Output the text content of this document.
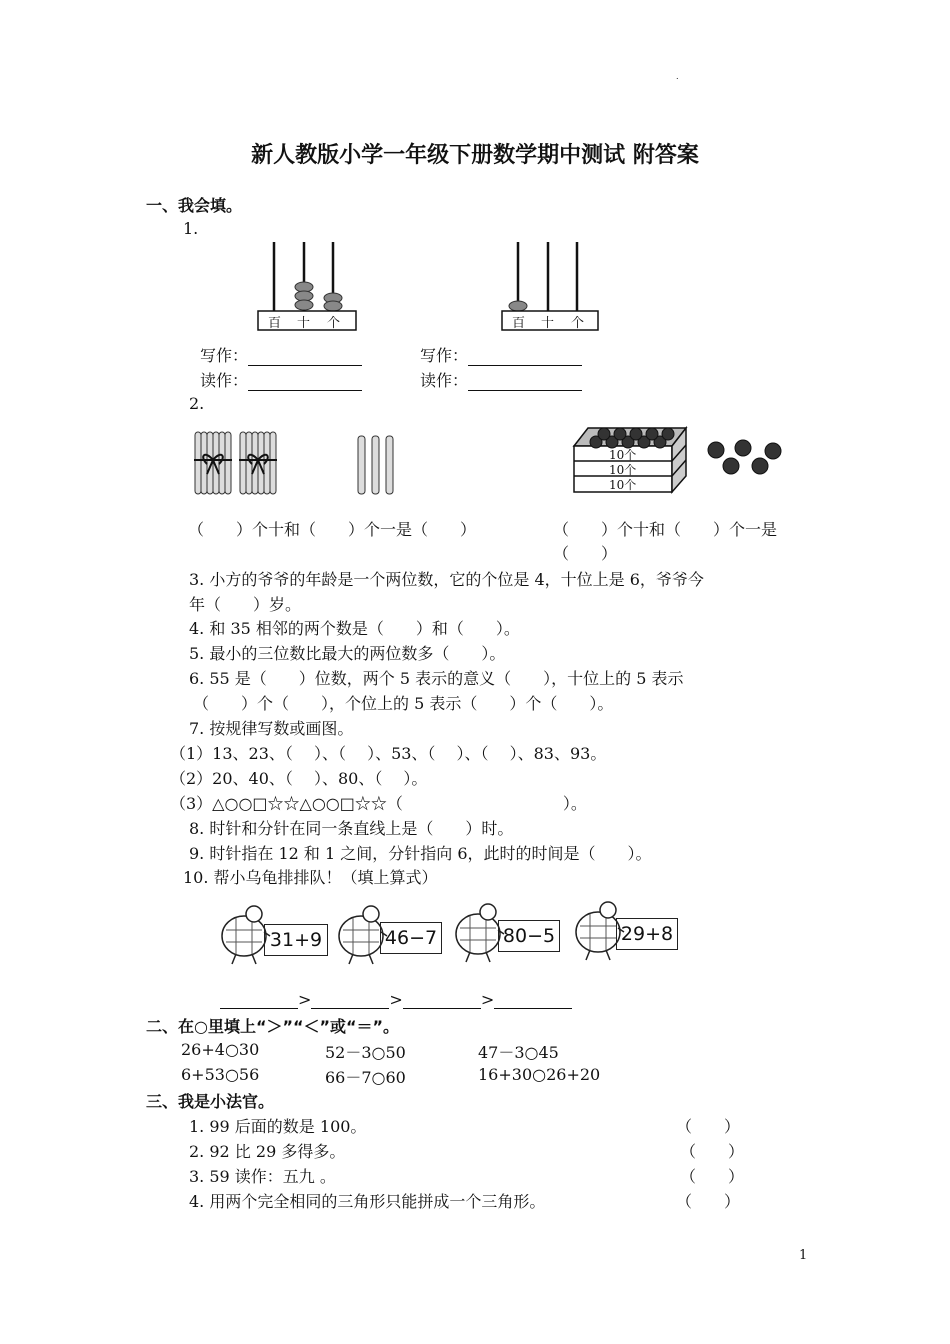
.
新人教版小学一年级下册数学期中测试 附答案
一、我会填。
1.
百 十 个	百 十 个
写作：	写作：
读作：	读作：
2.
10个
10个
10个
（　　）个十和（　　）个一是（　　）	（　　）个十和（　　）个一是
（　　）
3. 小方的爷爷的年龄是一个两位数，它的个位是 4，十位上是 6，爷爷今
年（　　）岁。
4. 和 35 相邻的两个数是（　　）和（　　）。
5. 最小的三位数比最大的两位数多（　　）。
6. 55 是（　　）位数，两个 5 表示的意义（　　），十位上的 5 表示
（　　）个（　　），个位上的 5 表示（　　）个（　　）。
7. 按规律写数或画图。
（1）13、23、（　 ）、（　 ）、53、（　 ）、（　 ）、83、93。
（2）20、40、（　 ）、80、（　 ）。
（3）△○○□☆☆△○○□☆☆（　　　　　　　　　　）。
8. 时针和分针在同一条直线上是（　　）时。
9. 时针指在 12 和 1 之间，分针指向 6，此时的时间是（　　）。
10. 帮小乌龟排排队！（填上算式）
31+9	46−7	80−5	29+8
>	>	>
二、在○里填上“＞”“＜”或“＝”。
26+4○30	52－3○50	47－3○45
6+53○56	66－7○60	16+30○26+20
三、我是小法官。
1. 99 后面的数是 100。	（　　）
2. 92 比 29 多得多。	（　　）
3. 59 读作：五九 。	（　　）
4. 用两个完全相同的三角形只能拼成一个三角形。	（　　）
1
